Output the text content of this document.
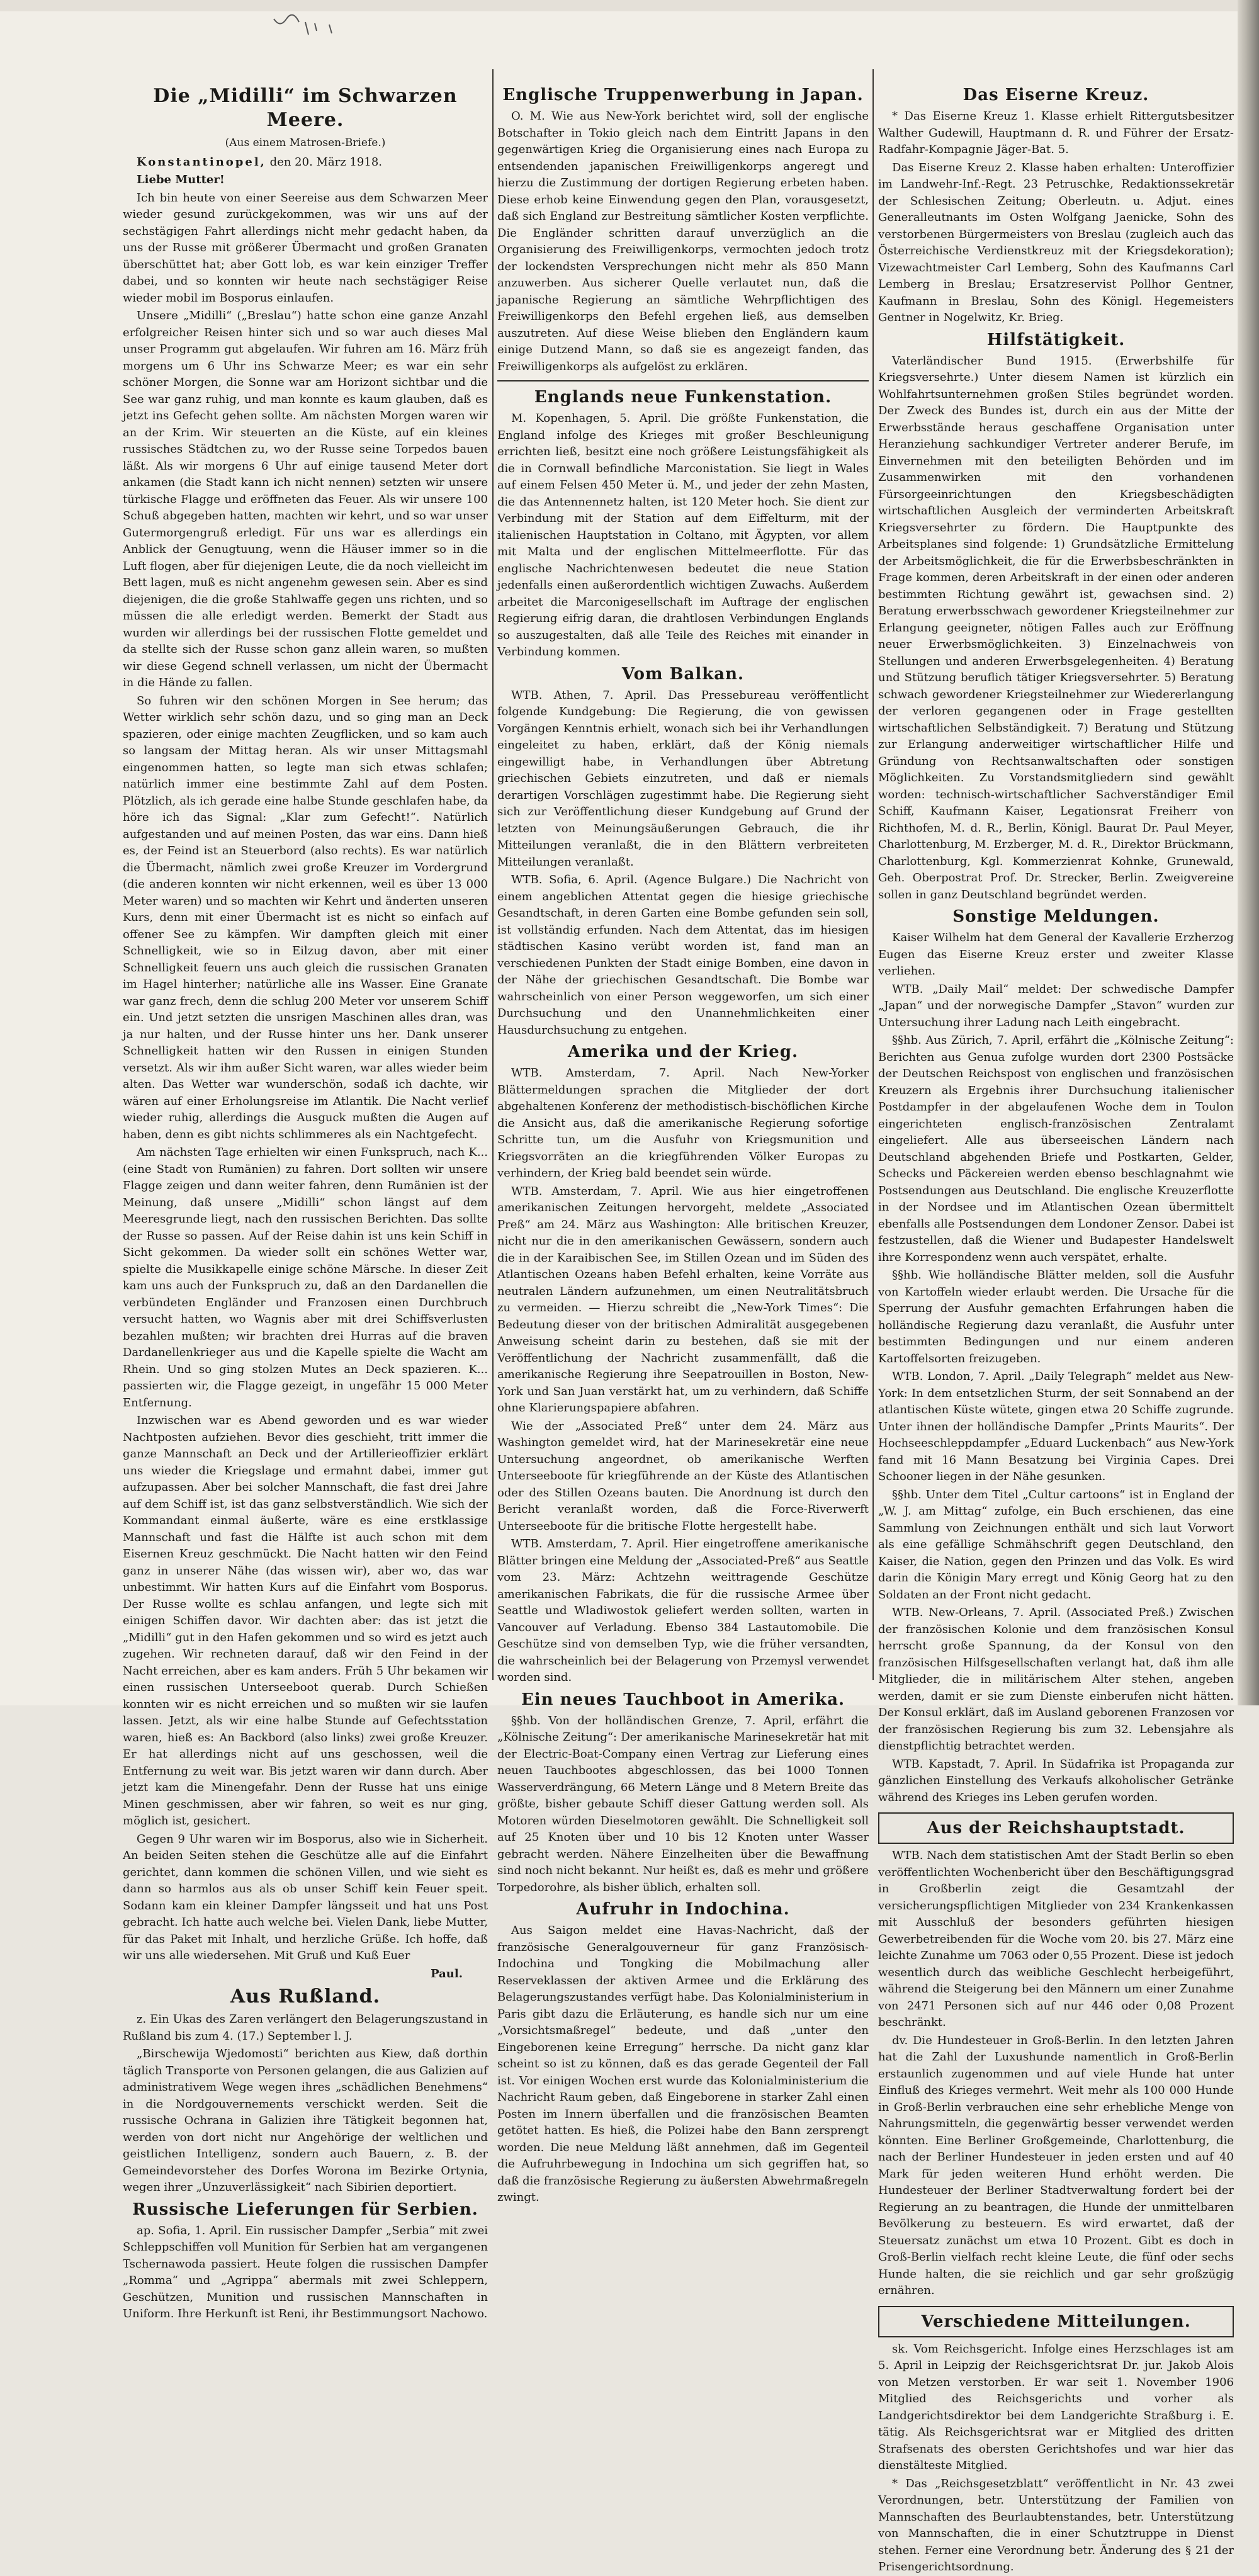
Die „Midilli“ im Schwarzen Meere.
(Aus einem Matrosen-Briefe.)

Konstantinopel, den 20. März 1918.

Liebe Mutter!

Ich bin heute von einer Seereise aus dem Schwarzen Meer wieder gesund zurückgekommen, was wir uns auf der sechstägigen Fahrt allerdings nicht mehr gedacht haben, da uns der Russe mit größerer Übermacht und großen Granaten überschüttet hat; aber Gott lob, es war kein einziger Treffer dabei, und so konnten wir heute nach sechstägiger Reise wieder mobil im Bosporus einlaufen.

Unsere „Midilli“ („Breslau“) hatte schon eine ganze Anzahl erfolgreicher Reisen hinter sich und so war auch dieses Mal unser Programm gut abgelaufen. Wir fuhren am 16. März früh morgens um 6 Uhr ins Schwarze Meer; es war ein sehr schöner Morgen, die Sonne war am Horizont sichtbar und die See war ganz ruhig, und man konnte es kaum glauben, daß es jetzt ins Gefecht gehen sollte. Am nächsten Morgen waren wir an der Krim. Wir steuerten an die Küste, auf ein kleines russisches Städtchen zu, wo der Russe seine Torpedos bauen läßt. Als wir morgens 6 Uhr auf einige tausend Meter dort ankamen (die Stadt kann ich nicht nennen) setzten wir unsere türkische Flagge und eröffneten das Feuer. Als wir unsere 100 Schuß abgegeben hatten, machten wir kehrt, und so war unser Gutermorgengruß erledigt. Für uns war es allerdings ein Anblick der Genugtuung, wenn die Häuser immer so in die Luft flogen, aber für diejenigen Leute, die da noch vielleicht im Bett lagen, muß es nicht angenehm gewesen sein. Aber es sind diejenigen, die die große Stahlwaffe gegen uns richten, und so müssen die alle erledigt werden. Bemerkt der Stadt aus wurden wir allerdings bei der russischen Flotte gemeldet und da stellte sich der Russe schon ganz allein waren, so mußten wir diese Gegend schnell verlassen, um nicht der Übermacht in die Hände zu fallen.

So fuhren wir den schönen Morgen in See herum; das Wetter wirklich sehr schön dazu, und so ging man an Deck spazieren, oder einige machten Zeugflicken, und so kam auch so langsam der Mittag heran. Als wir unser Mittagsmahl eingenommen hatten, so legte man sich etwas schlafen; natürlich immer eine bestimmte Zahl auf dem Posten. Plötzlich, als ich gerade eine halbe Stunde geschlafen habe, da höre ich das Signal: „Klar zum Gefecht!“. Natürlich aufgestanden und auf meinen Posten, das war eins. Dann hieß es, der Feind ist an Steuerbord (also rechts). Es war natürlich die Übermacht, nämlich zwei große Kreuzer im Vordergrund (die anderen konnten wir nicht erkennen, weil es über 13 000 Meter waren) und so machten wir Kehrt und änderten unseren Kurs, denn mit einer Übermacht ist es nicht so einfach auf offener See zu kämpfen. Wir dampften gleich mit einer Schnelligkeit, wie so in Eilzug davon, aber mit einer Schnelligkeit feuern uns auch gleich die russischen Granaten im Hagel hinterher; natürliche alle ins Wasser. Eine Granate war ganz frech, denn die schlug 200 Meter vor unserem Schiff ein. Und jetzt setzten die unsrigen Maschinen alles dran, was ja nur halten, und der Russe hinter uns her. Dank unserer Schnelligkeit hatten wir den Russen in einigen Stunden versetzt. Als wir ihm außer Sicht waren, war alles wieder beim alten. Das Wetter war wunderschön, sodaß ich dachte, wir wären auf einer Erholungsreise im Atlantik. Die Nacht verlief wieder ruhig, allerdings die Ausguck mußten die Augen auf haben, denn es gibt nichts schlimmeres als ein Nachtgefecht.

Am nächsten Tage erhielten wir einen Funkspruch, nach K... (eine Stadt von Rumänien) zu fahren. Dort sollten wir unsere Flagge zeigen und dann weiter fahren, denn Rumänien ist der Meinung, daß unsere „Midilli“ schon längst auf dem Meeresgrunde liegt, nach den russischen Berichten. Das sollte der Russe so passen. Auf der Reise dahin ist uns kein Schiff in Sicht gekommen. Da wieder sollt ein schönes Wetter war, spielte die Musikkapelle einige schöne Märsche. In dieser Zeit kam uns auch der Funkspruch zu, daß an den Dardanellen die verbündeten Engländer und Franzosen einen Durchbruch versucht hatten, wo Wagnis aber mit drei Schiffsverlusten bezahlen mußten; wir brachten drei Hurras auf die braven Dardanellenkrieger aus und die Kapelle spielte die Wacht am Rhein. Und so ging stolzen Mutes an Deck spazieren. K... passierten wir, die Flagge gezeigt, in ungefähr 15 000 Meter Entfernung.

Inzwischen war es Abend geworden und es war wieder Nachtposten aufziehen. Bevor dies geschieht, tritt immer die ganze Mannschaft an Deck und der Artillerieoffizier erklärt uns wieder die Kriegslage und ermahnt dabei, immer gut aufzupassen. Aber bei solcher Mannschaft, die fast drei Jahre auf dem Schiff ist, ist das ganz selbstverständlich. Wie sich der Kommandant einmal äußerte, wäre es eine erstklassige Mannschaft und fast die Hälfte ist auch schon mit dem Eisernen Kreuz geschmückt. Die Nacht hatten wir den Feind ganz in unserer Nähe (das wissen wir), aber wo, das war unbestimmt. Wir hatten Kurs auf die Einfahrt vom Bosporus. Der Russe wollte es schlau anfangen, und legte sich mit einigen Schiffen davor. Wir dachten aber: das ist jetzt die „Midilli“ gut in den Hafen gekommen und so wird es jetzt auch zugehen. Wir rechneten darauf, daß wir den Feind in der Nacht erreichen, aber es kam anders. Früh 5 Uhr bekamen wir einen russischen Unterseeboot querab. Durch Schießen konnten wir es nicht erreichen und so mußten wir sie laufen lassen. Jetzt, als wir eine halbe Stunde auf Gefechtsstation waren, hieß es: An Backbord (also links) zwei große Kreuzer. Er hat allerdings nicht auf uns geschossen, weil die Entfernung zu weit war. Bis jetzt waren wir dann durch. Aber jetzt kam die Minengefahr. Denn der Russe hat uns einige Minen geschmissen, aber wir fahren, so weit es nur ging, möglich ist, gesichert.

Gegen 9 Uhr waren wir im Bosporus, also wie in Sicherheit. An beiden Seiten stehen die Geschütze alle auf die Einfahrt gerichtet, dann kommen die schönen Villen, und wie sieht es dann so harmlos aus als ob unser Schiff kein Feuer speit. Sodann kam ein kleiner Dampfer längsseit und hat uns Post gebracht. Ich hatte auch welche bei. Vielen Dank, liebe Mutter, für das Paket mit Inhalt, und herzliche Grüße. Ich hoffe, daß wir uns alle wiedersehen. Mit Gruß und Kuß Euer

Paul.
Aus Rußland.

z. Ein Ukas des Zaren verlängert den Belagerungszustand in Rußland bis zum 4. (17.) September l. J.

„Birschewija Wjedomosti“ berichten aus Kiew, daß dorthin täglich Transporte von Personen gelangen, die aus Galizien auf administrativem Wege wegen ihres „schädlichen Benehmens“ in die Nordgouvernements verschickt werden. Seit die russische Ochrana in Galizien ihre Tätigkeit begonnen hat, werden von dort nicht nur Angehörige der weltlichen und geistlichen Intelligenz, sondern auch Bauern, z. B. der Gemeindevorsteher des Dorfes Worona im Bezirke Ortynia, wegen ihrer „Unzuverlässigkeit“ nach Sibirien deportiert.

Russische Lieferungen für Serbien.

ap. Sofia, 1. April. Ein russischer Dampfer „Serbia“ mit zwei Schleppschiffen voll Munition für Serbien hat am vergangenen Tschernawoda passiert. Heute folgen die russischen Dampfer „Romma“ und „Agrippa“ abermals mit zwei Schleppern, Geschützen, Munition und russischen Mannschaften in Uniform. Ihre Herkunft ist Reni, ihr Bestimmungsort Nachowo.

Englische Truppenwerbung in Japan.

O. M. Wie aus New-York berichtet wird, soll der englische Botschafter in Tokio gleich nach dem Eintritt Japans in den gegenwärtigen Krieg die Organisierung eines nach Europa zu entsendenden japanischen Freiwilligenkorps angeregt und hierzu die Zustimmung der dortigen Regierung erbeten haben. Diese erhob keine Einwendung gegen den Plan, vorausgesetzt, daß sich England zur Bestreitung sämtlicher Kosten verpflichte. Die Engländer schritten darauf unverzüglich an die Organisierung des Freiwilligenkorps, vermochten jedoch trotz der lockendsten Versprechungen nicht mehr als 850 Mann anzuwerben. Aus sicherer Quelle verlautet nun, daß die japanische Regierung an sämtliche Wehrpflichtigen des Freiwilligenkorps den Befehl ergehen ließ, aus demselben auszutreten. Auf diese Weise blieben den Engländern kaum einige Dutzend Mann, so daß sie es angezeigt fanden, das Freiwilligenkorps als aufgelöst zu erklären.

Englands neue Funkenstation.

M. Kopenhagen, 5. April. Die größte Funkenstation, die England infolge des Krieges mit großer Beschleunigung errichten ließ, besitzt eine noch größere Leistungsfähigkeit als die in Cornwall befindliche Marconistation. Sie liegt in Wales auf einem Felsen 450 Meter ü. M., und jeder der zehn Masten, die das Antennennetz halten, ist 120 Meter hoch. Sie dient zur Verbindung mit der Station auf dem Eiffelturm, mit der italienischen Hauptstation in Coltano, mit Ägypten, vor allem mit Malta und der englischen Mittelmeerflotte. Für das englische Nachrichtenwesen bedeutet die neue Station jedenfalls einen außerordentlich wichtigen Zuwachs. Außerdem arbeitet die Marconigesellschaft im Auftrage der englischen Regierung eifrig daran, die drahtlosen Verbindungen Englands so auszugestalten, daß alle Teile des Reiches mit einander in Verbindung kommen.

Vom Balkan.

WTB. Athen, 7. April. Das Pressebureau veröffentlicht folgende Kundgebung: Die Regierung, die von gewissen Vorgängen Kenntnis erhielt, wonach sich bei ihr Verhandlungen eingeleitet zu haben, erklärt, daß der König niemals eingewilligt habe, in Verhandlungen über Abtretung griechischen Gebiets einzutreten, und daß er niemals derartigen Vorschlägen zugestimmt habe. Die Regierung sieht sich zur Veröffentlichung dieser Kundgebung auf Grund der letzten von Meinungsäußerungen Gebrauch, die ihr Mitteilungen veranlaßt, die in den Blättern verbreiteten Mitteilungen veranlaßt.

WTB. Sofia, 6. April. (Agence Bulgare.) Die Nachricht von einem angeblichen Attentat gegen die hiesige griechische Gesandtschaft, in deren Garten eine Bombe gefunden sein soll, ist vollständig erfunden. Nach dem Attentat, das im hiesigen städtischen Kasino verübt worden ist, fand man an verschiedenen Punkten der Stadt einige Bomben, eine davon in der Nähe der griechischen Gesandtschaft. Die Bombe war wahrscheinlich von einer Person weggeworfen, um sich einer Durchsuchung und den Unannehmlichkeiten einer Hausdurchsuchung zu entgehen.

Amerika und der Krieg.

WTB. Amsterdam, 7. April. Nach New-Yorker Blättermeldungen sprachen die Mitglieder der dort abgehaltenen Konferenz der methodistisch-bischöflichen Kirche die Ansicht aus, daß die amerikanische Regierung sofortige Schritte tun, um die Ausfuhr von Kriegsmunition und Kriegsvorräten an die kriegführenden Völker Europas zu verhindern, der Krieg bald beendet sein würde.

WTB. Amsterdam, 7. April. Wie aus hier eingetroffenen amerikanischen Zeitungen hervorgeht, meldete „Associated Preß“ am 24. März aus Washington: Alle britischen Kreuzer, nicht nur die in den amerikanischen Gewässern, sondern auch die in der Karaibischen See, im Stillen Ozean und im Süden des Atlantischen Ozeans haben Befehl erhalten, keine Vorräte aus neutralen Ländern aufzunehmen, um einen Neutralitätsbruch zu vermeiden. — Hierzu schreibt die „New-York Times“: Die Bedeutung dieser von der britischen Admiralität ausgegebenen Anweisung scheint darin zu bestehen, daß sie mit der Veröffentlichung der Nachricht zusammenfällt, daß die amerikanische Regierung ihre Seepatrouillen in Boston, New-York und San Juan verstärkt hat, um zu verhindern, daß Schiffe ohne Klarierungspapiere abfahren.

Wie der „Associated Preß“ unter dem 24. März aus Washington gemeldet wird, hat der Marinesekretär eine neue Untersuchung angeordnet, ob amerikanische Werften Unterseeboote für kriegführende an der Küste des Atlantischen oder des Stillen Ozeans bauten. Die Anordnung ist durch den Bericht veranlaßt worden, daß die Force-Riverwerft Unterseeboote für die britische Flotte hergestellt habe.

WTB. Amsterdam, 7. April. Hier eingetroffene amerikanische Blätter bringen eine Meldung der „Associated-Preß“ aus Seattle vom 23. März: Achtzehn weittragende Geschütze amerikanischen Fabrikats, die für die russische Armee über Seattle und Wladiwostok geliefert werden sollten, warten in Vancouver auf Verladung. Ebenso 384 Lastautomobile. Die Geschütze sind von demselben Typ, wie die früher versandten, die wahrscheinlich bei der Belagerung von Przemysl verwendet worden sind.

Ein neues Tauchboot in Amerika.

§§hb. Von der holländischen Grenze, 7. April, erfährt die „Kölnische Zeitung“: Der amerikanische Marinesekretär hat mit der Electric-Boat-Company einen Vertrag zur Lieferung eines neuen Tauchbootes abgeschlossen, das bei 1000 Tonnen Wasserverdrängung, 66 Metern Länge und 8 Metern Breite das größte, bisher gebaute Schiff dieser Gattung werden soll. Als Motoren würden Dieselmotoren gewählt. Die Schnelligkeit soll auf 25 Knoten über und 10 bis 12 Knoten unter Wasser gebracht werden. Nähere Einzelheiten über die Bewaffnung sind noch nicht bekannt. Nur heißt es, daß es mehr und größere Torpedorohre, als bisher üblich, erhalten soll.

Aufruhr in Indochina.

Aus Saigon meldet eine Havas-Nachricht, daß der französische Generalgouverneur für ganz Französisch-Indochina und Tongking die Mobilmachung aller Reserveklassen der aktiven Armee und die Erklärung des Belagerungszustandes verfügt habe. Das Kolonialministerium in Paris gibt dazu die Erläuterung, es handle sich nur um eine „Vorsichtsmaßregel“ bedeute, und daß „unter den Eingeborenen keine Erregung“ herrsche. Da nicht ganz klar scheint so ist zu können, daß es das gerade Gegenteil der Fall ist. Vor einigen Wochen erst wurde das Kolonialministerium die Nachricht Raum geben, daß Eingeborene in starker Zahl einen Posten im Innern überfallen und die französischen Beamten getötet hatten. Es hieß, die Polizei habe den Bann zersprengt worden. Die neue Meldung läßt annehmen, daß im Gegenteil die Aufruhrbewegung in Indochina um sich gegriffen hat, so daß die französische Regierung zu äußersten Abwehrmaßregeln zwingt.

Das Eiserne Kreuz.

* Das Eiserne Kreuz 1. Klasse erhielt Rittergutsbesitzer Walther Gudewill, Hauptmann d. R. und Führer der Ersatz-Radfahr-Kompagnie Jäger-Bat. 5.

Das Eiserne Kreuz 2. Klasse haben erhalten: Unteroffizier im Landwehr-Inf.-Regt. 23 Petruschke, Redaktionssekretär der Schlesischen Zeitung; Oberleutn. u. Adjut. eines Generalleutnants im Osten Wolfgang Jaenicke, Sohn des verstorbenen Bürgermeisters von Breslau (zugleich auch das Österreichische Verdienstkreuz mit der Kriegsdekoration); Vizewachtmeister Carl Lemberg, Sohn des Kaufmanns Carl Lemberg in Breslau; Ersatzreservist Pollhor Gentner, Kaufmann in Breslau, Sohn des Königl. Hegemeisters Gentner in Nogelwitz, Kr. Brieg.

Hilfstätigkeit.

Vaterländischer Bund 1915. (Erwerbshilfe für Kriegsversehrte.) Unter diesem Namen ist kürzlich ein Wohlfahrtsunternehmen großen Stiles begründet worden. Der Zweck des Bundes ist, durch ein aus der Mitte der Erwerbsstände heraus geschaffene Organisation unter Heranziehung sachkundiger Vertreter anderer Berufe, im Einvernehmen mit den beteiligten Behörden und im Zusammenwirken mit den vorhandenen Fürsorgeeinrichtungen den Kriegsbeschädigten wirtschaftlichen Ausgleich der verminderten Arbeitskraft Kriegsversehrter zu fördern. Die Hauptpunkte des Arbeitsplanes sind folgende: 1) Grundsätzliche Ermittelung der Arbeitsmöglichkeit, die für die Erwerbsbeschränkten in Frage kommen, deren Arbeitskraft in der einen oder anderen bestimmten Richtung gewährt ist, gewachsen sind. 2) Beratung erwerbsschwach gewordener Kriegsteilnehmer zur Erlangung geeigneter, nötigen Falles auch zur Eröffnung neuer Erwerbsmöglichkeiten. 3) Einzelnachweis von Stellungen und anderen Erwerbsgelegenheiten. 4) Beratung und Stützung beruflich tätiger Kriegsversehrter. 5) Beratung schwach gewordener Kriegsteilnehmer zur Wiedererlangung der verloren gegangenen oder in Frage gestellten wirtschaftlichen Selbständigkeit. 7) Beratung und Stützung zur Erlangung anderweitiger wirtschaftlicher Hilfe und Gründung von Rechtsanwaltschaften oder sonstigen Möglichkeiten. Zu Vorstandsmitgliedern sind gewählt worden: technisch-wirtschaftlicher Sachverständiger Emil Schiff, Kaufmann Kaiser, Legationsrat Freiherr von Richthofen, M. d. R., Berlin, Königl. Baurat Dr. Paul Meyer, Charlottenburg, M. Erzberger, M. d. R., Direktor Brückmann, Charlottenburg, Kgl. Kommerzienrat Kohnke, Grunewald, Geh. Oberpostrat Prof. Dr. Strecker, Berlin. Zweigvereine sollen in ganz Deutschland begründet werden.

Sonstige Meldungen.

Kaiser Wilhelm hat dem General der Kavallerie Erzherzog Eugen das Eiserne Kreuz erster und zweiter Klasse verliehen.

WTB. „Daily Mail“ meldet: Der schwedische Dampfer „Japan“ und der norwegische Dampfer „Stavon“ wurden zur Untersuchung ihrer Ladung nach Leith eingebracht.

§§hb. Aus Zürich, 7. April, erfährt die „Kölnische Zeitung“: Berichten aus Genua zufolge wurden dort 2300 Postsäcke der Deutschen Reichspost von englischen und französischen Kreuzern als Ergebnis ihrer Durchsuchung italienischer Postdampfer in der abgelaufenen Woche dem in Toulon eingerichteten englisch-französischen Zentralamt eingeliefert. Alle aus überseeischen Ländern nach Deutschland abgehenden Briefe und Postkarten, Gelder, Schecks und Päckereien werden ebenso beschlagnahmt wie Postsendungen aus Deutschland. Die englische Kreuzerflotte in der Nordsee und im Atlantischen Ozean übermittelt ebenfalls alle Postsendungen dem Londoner Zensor. Dabei ist festzustellen, daß die Wiener und Budapester Handelswelt ihre Korrespondenz wenn auch verspätet, erhalte.

§§hb. Wie holländische Blätter melden, soll die Ausfuhr von Kartoffeln wieder erlaubt werden. Die Ursache für die Sperrung der Ausfuhr gemachten Erfahrungen haben die holländische Regierung dazu veranlaßt, die Ausfuhr unter bestimmten Bedingungen und nur einem anderen Kartoffelsorten freizugeben.

WTB. London, 7. April. „Daily Telegraph“ meldet aus New-York: In dem entsetzlichen Sturm, der seit Sonnabend an der atlantischen Küste wütete, gingen etwa 20 Schiffe zugrunde. Unter ihnen der holländische Dampfer „Prints Maurits“. Der Hochseeschleppdampfer „Eduard Luckenbach“ aus New-York fand mit 16 Mann Besatzung bei Virginia Capes. Drei Schooner liegen in der Nähe gesunken.

§§hb. Unter dem Titel „Cultur cartoons“ ist in England der „W. J. am Mittag“ zufolge, ein Buch erschienen, das eine Sammlung von Zeichnungen enthält und sich laut Vorwort als eine gefällige Schmähschrift gegen Deutschland, den Kaiser, die Nation, gegen den Prinzen und das Volk. Es wird darin die Königin Mary erregt und König Georg hat zu den Soldaten an der Front nicht gedacht.

WTB. New-Orleans, 7. April. (Associated Preß.) Zwischen der französischen Kolonie und dem französischen Konsul herrscht große Spannung, da der Konsul von den französischen Hilfsgesellschaften verlangt hat, daß ihm alle Mitglieder, die in militärischem Alter stehen, angeben werden, damit er sie zum Dienste einberufen nicht hätten. Der Konsul erklärt, daß im Ausland geborenen Franzosen vor der französischen Regierung bis zum 32. Lebensjahre als dienstpflichtig betrachtet werden.

WTB. Kapstadt, 7. April. In Südafrika ist Propaganda zur gänzlichen Einstellung des Verkaufs alkoholischer Getränke während des Krieges ins Leben gerufen worden.

Aus der Reichshauptstadt.

WTB. Nach dem statistischen Amt der Stadt Berlin so eben veröffentlichten Wochenbericht über den Beschäftigungsgrad in Großberlin zeigt die Gesamtzahl der versicherungspflichtigen Mitglieder von 234 Krankenkassen mit Ausschluß der besonders geführten hiesigen Gewerbetreibenden für die Woche vom 20. bis 27. März eine leichte Zunahme um 7063 oder 0,55 Prozent. Diese ist jedoch wesentlich durch das weibliche Geschlecht herbeigeführt, während die Steigerung bei den Männern um einer Zunahme von 2471 Personen sich auf nur 446 oder 0,08 Prozent beschränkt.

dv. Die Hundesteuer in Groß-Berlin. In den letzten Jahren hat die Zahl der Luxushunde namentlich in Groß-Berlin erstaunlich zugenommen und auf viele Hunde hat unter Einfluß des Krieges vermehrt. Weit mehr als 100 000 Hunde in Groß-Berlin verbrauchen eine sehr erhebliche Menge von Nahrungsmitteln, die gegenwärtig besser verwendet werden könnten. Eine Berliner Großgemeinde, Charlottenburg, die nach der Berliner Hundesteuer in jeden ersten und auf 40 Mark für jeden weiteren Hund erhöht werden. Die Hundesteuer der Berliner Stadtverwaltung fordert bei der Regierung an zu beantragen, die Hunde der unmittelbaren Bevölkerung zu besteuern. Es wird erwartet, daß der Steuersatz zunächst um etwa 10 Prozent. Gibt es doch in Groß-Berlin vielfach recht kleine Leute, die fünf oder sechs Hunde halten, die sie reichlich und gar sehr großzügig ernähren.

Verschiedene Mitteilungen.

sk. Vom Reichsgericht. Infolge eines Herzschlages ist am 5. April in Leipzig der Reichsgerichtsrat Dr. jur. Jakob Alois von Metzen verstorben. Er war seit 1. November 1906 Mitglied des Reichsgerichts und vorher als Landgerichtsdirektor bei dem Landgerichte Straßburg i. E. tätig. Als Reichsgerichtsrat war er Mitglied des dritten Strafsenats des obersten Gerichtshofes und war hier das dienstälteste Mitglied.

* Das „Reichsgesetzblatt“ veröffentlicht in Nr. 43 zwei Verordnungen, betr. Unterstützung der Familien von Mannschaften des Beurlaubtenstandes, betr. Unterstützung von Mannschaften, die in einer Schutztruppe in Dienst stehen. Ferner eine Verordnung betr. Änderung des § 21 der Prisengerichtsordnung.
